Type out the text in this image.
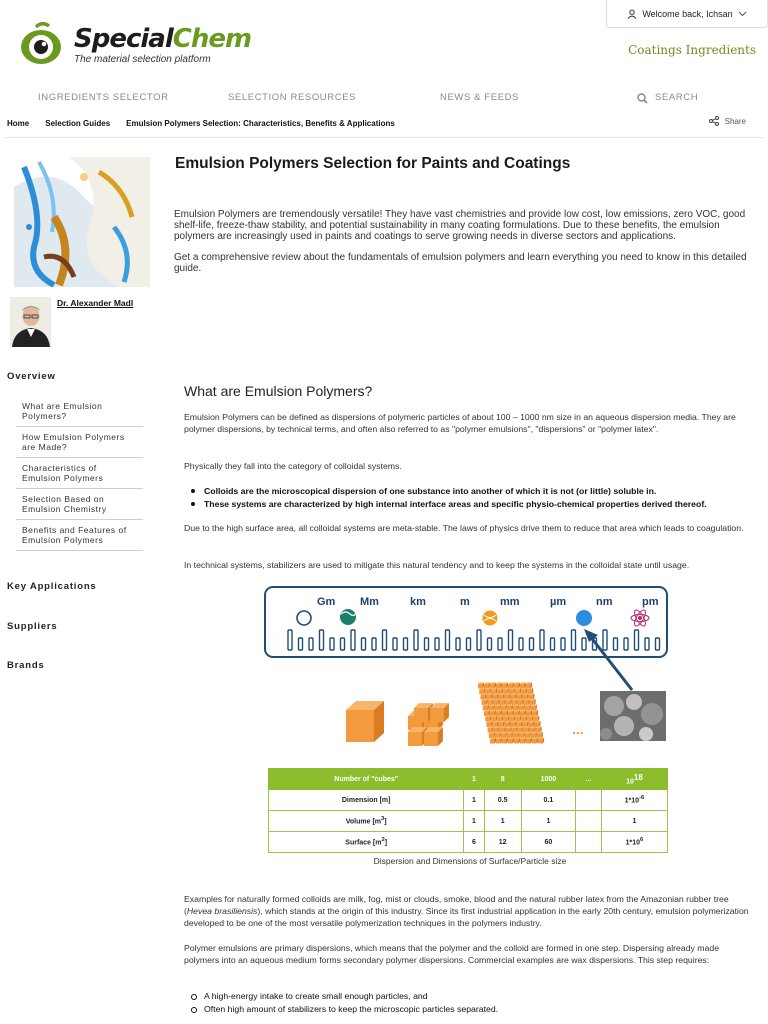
SpecialChem
The material selection platform
Welcome back, Ichsan
Coatings Ingredients
INGREDIENTS SELECTOR	SELECTION RESOURCES	NEWS & FEEDS	SEARCH
Home Selection Guides Emulsion Polymers Selection: Characteristics, Benefits & Applications	Share
Emulsion Polymers Selection for Paints and Coatings

Emulsion Polymers are tremendously versatile! They have vast chemistries and provide low cost, low emissions, zero VOC, good shelf-life, freeze-thaw stability, and potential sustainability in many coating formulations. Due to these benefits, the emulsion polymers are increasingly used in paints and coatings to serve growing needs in diverse sectors and applications.

Get a comprehensive review about the fundamentals of emulsion polymers and learn everything you need to know in this detailed guide.

Dr. Alexander Madl
Overview
What are Emulsion Polymers?
How Emulsion Polymers are Made?
Characteristics of Emulsion Polymers
Selection Based on Emulsion Chemistry
Benefits and Features of Emulsion Polymers
Key Applications
Suppliers
Brands
What are Emulsion Polymers?
Emulsion Polymers can be defined as dispersions of polymeric particles of about 100 – 1000 nm size in an aqueous dispersion media. They are polymer dispersions, by technical terms, and often also referred to as "polymer emulsions", "dispersions" or "polymer latex".
Physically they fall into the category of colloidal systems.
Colloids are the microscopical dispersion of one substance into another of which it is not (or little) soluble in.
These systems are characterized by high internal interface areas and specific physio-chemical properties derived thereof.
Due to the high surface area, all colloidal systems are meta-stable. The laws of physics drive them to reduce that area which leads to coagulation.
In technical systems, stabilizers are used to mitigate this natural tendency and to keep the systems in the colloidal state until usage.
Gm Mm	km	m	mm	µm	nm	pm
...
Number of "cubes"	1	8	1000	...	$10^{18}$
Dimension [m]	1	0.5	0.1		$1*10^{-6}$
Volume $[m^3]$	1	1	1		1
Surface $[m^2]$	6	12	60		$1*10^6$
Dispersion and Dimensions of Surface/Particle size
Examples for naturally formed colloids are milk, fog, mist or clouds, smoke, blood and the natural rubber latex from the Amazonian rubber tree (Hevea brasiliensis), which stands at the origin of this industry. Since its first industrial application in the early 20th century, emulsion polymerization developed to be one of the most versatile polymerization techniques in the polymers industry.
Polymer emulsions are primary dispersions, which means that the polymer and the colloid are formed in one step. Dispersing already made polymers into an aqueous medium forms secondary polymer dispersions. Commercial examples are wax dispersions. This step requires:
A high-energy intake to create small enough particles, and
Often high amount of stabilizers to keep the microscopic particles separated.
